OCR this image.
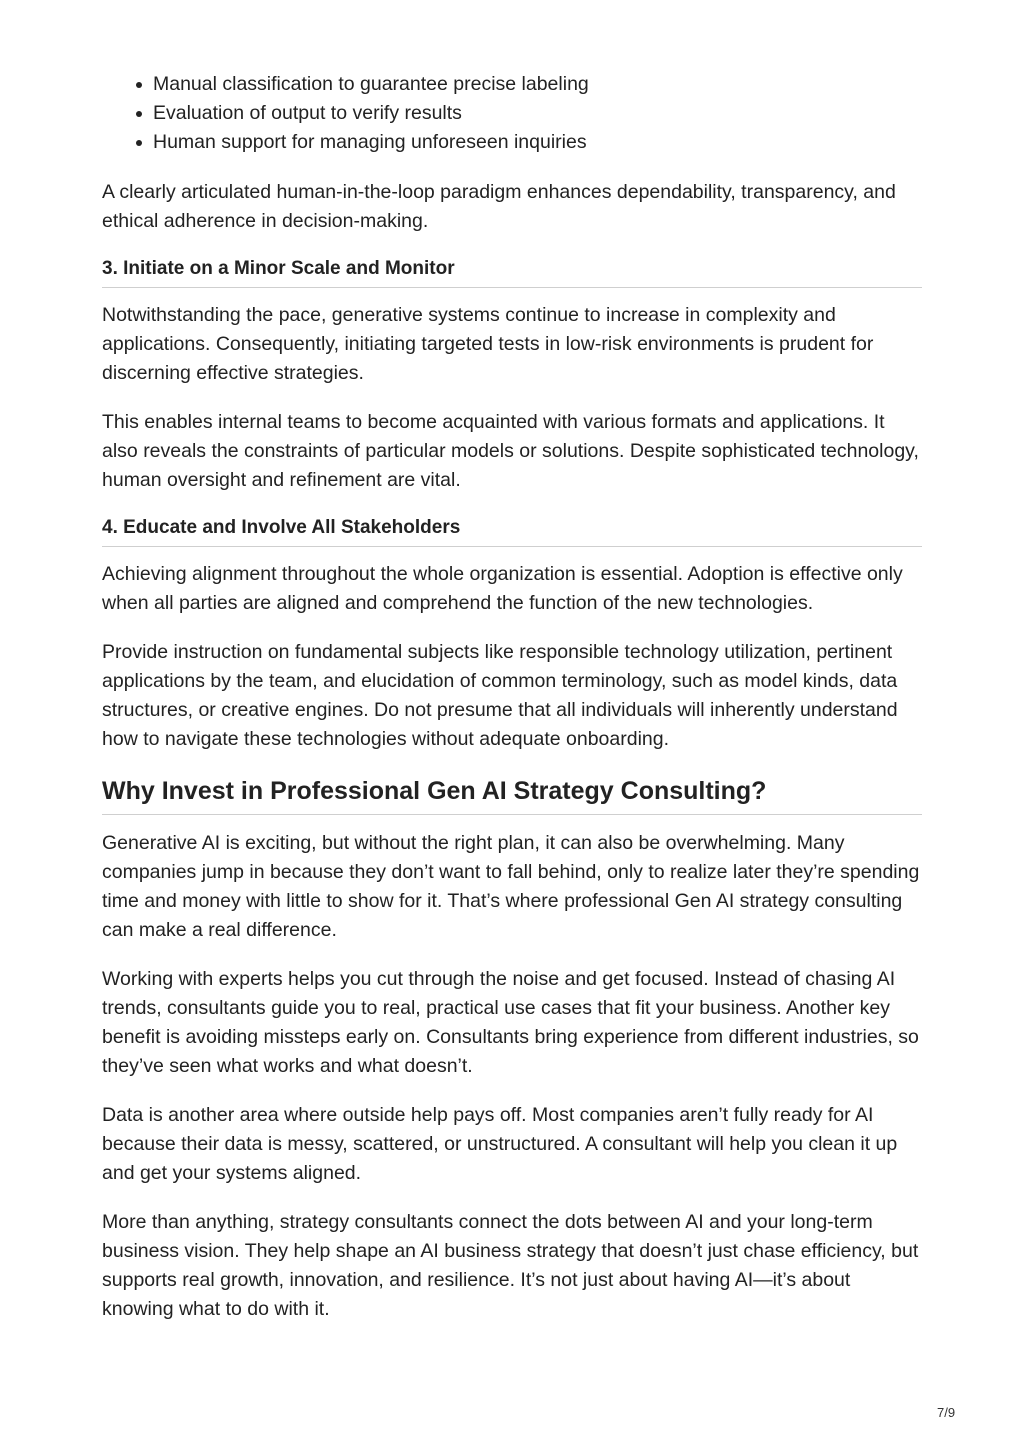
Manual classification to guarantee precise labeling
Evaluation of output to verify results
Human support for managing unforeseen inquiries

A clearly articulated human-in-the-loop paradigm enhances dependability, transparency, and ethical adherence in decision-making.

3. Initiate on a Minor Scale and Monitor

Notwithstanding the pace, generative systems continue to increase in complexity and applications. Consequently, initiating targeted tests in low-risk environments is prudent for discerning effective strategies.

This enables internal teams to become acquainted with various formats and applications. It also reveals the constraints of particular models or solutions. Despite sophisticated technology, human oversight and refinement are vital.

4. Educate and Involve All Stakeholders

Achieving alignment throughout the whole organization is essential. Adoption is effective only when all parties are aligned and comprehend the function of the new technologies.

Provide instruction on fundamental subjects like responsible technology utilization, pertinent applications by the team, and elucidation of common terminology, such as model kinds, data structures, or creative engines. Do not presume that all individuals will inherently understand how to navigate these technologies without adequate onboarding.

Why Invest in Professional Gen AI Strategy Consulting?

Generative AI is exciting, but without the right plan, it can also be overwhelming. Many companies jump in because they don’t want to fall behind, only to realize later they’re spending time and money with little to show for it. That’s where professional Gen AI strategy consulting can make a real difference.

Working with experts helps you cut through the noise and get focused. Instead of chasing AI trends, consultants guide you to real, practical use cases that fit your business. Another key benefit is avoiding missteps early on. Consultants bring experience from different industries, so they’ve seen what works and what doesn’t.

Data is another area where outside help pays off. Most companies aren’t fully ready for AI because their data is messy, scattered, or unstructured. A consultant will help you clean it up and get your systems aligned.

More than anything, strategy consultants connect the dots between AI and your long-term business vision. They help shape an AI business strategy that doesn’t just chase efficiency, but supports real growth, innovation, and resilience. It’s not just about having AI—it’s about knowing what to do with it.

7/9
